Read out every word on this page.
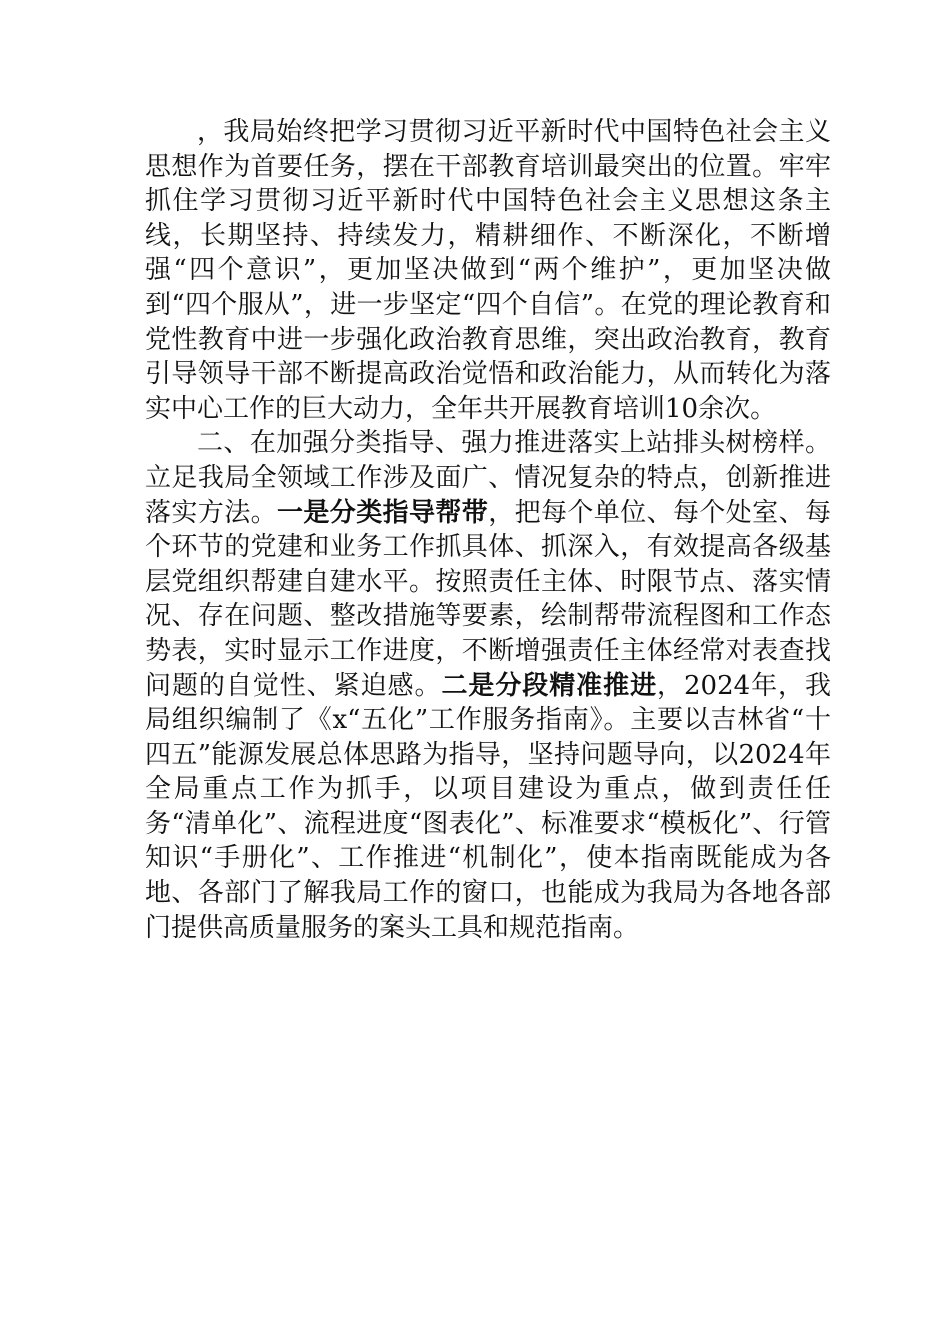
，我局始终把学习贯彻习近平新时代中国特色社会主义思想作为首要任务，摆在干部教育培训最突出的位置。牢牢抓住学习贯彻习近平新时代中国特色社会主义思想这条主线，长期坚持、持续发力，精耕细作、不断深化，不断增强“四个意识”，更加坚决做到“两个维护”，更加坚决做到“四个服从”，进一步坚定“四个自信”。在党的理论教育和党性教育中进一步强化政治教育思维，突出政治教育，教育引导领导干部不断提高政治觉悟和政治能力，从而转化为落实中心工作的巨大动力，全年共开展教育培训10余次。

二、在加强分类指导、强力推进落实上站排头树榜样。立足我局全领域工作涉及面广、情况复杂的特点，创新推进落实方法。一是分类指导帮带，把每个单位、每个处室、每个环节的党建和业务工作抓具体、抓深入，有效提高各级基层党组织帮建自建水平。按照责任主体、时限节点、落实情况、存在问题、整改措施等要素，绘制帮带流程图和工作态势表，实时显示工作进度，不断增强责任主体经常对表查找问题的自觉性、紧迫感。二是分段精准推进，2024年，我局组织编制了《x“五化”工作服务指南》。主要以吉林省“十四五”能源发展总体思路为指导，坚持问题导向，以2024年全局重点工作为抓手，以项目建设为重点，做到责任任务“清单化”、流程进度“图表化”、标准要求“模板化”、行管知识“手册化”、工作推进“机制化”，使本指南既能成为各地、各部门了解我局工作的窗口，也能成为我局为各地各部门提供高质量服务的案头工具和规范指南。
